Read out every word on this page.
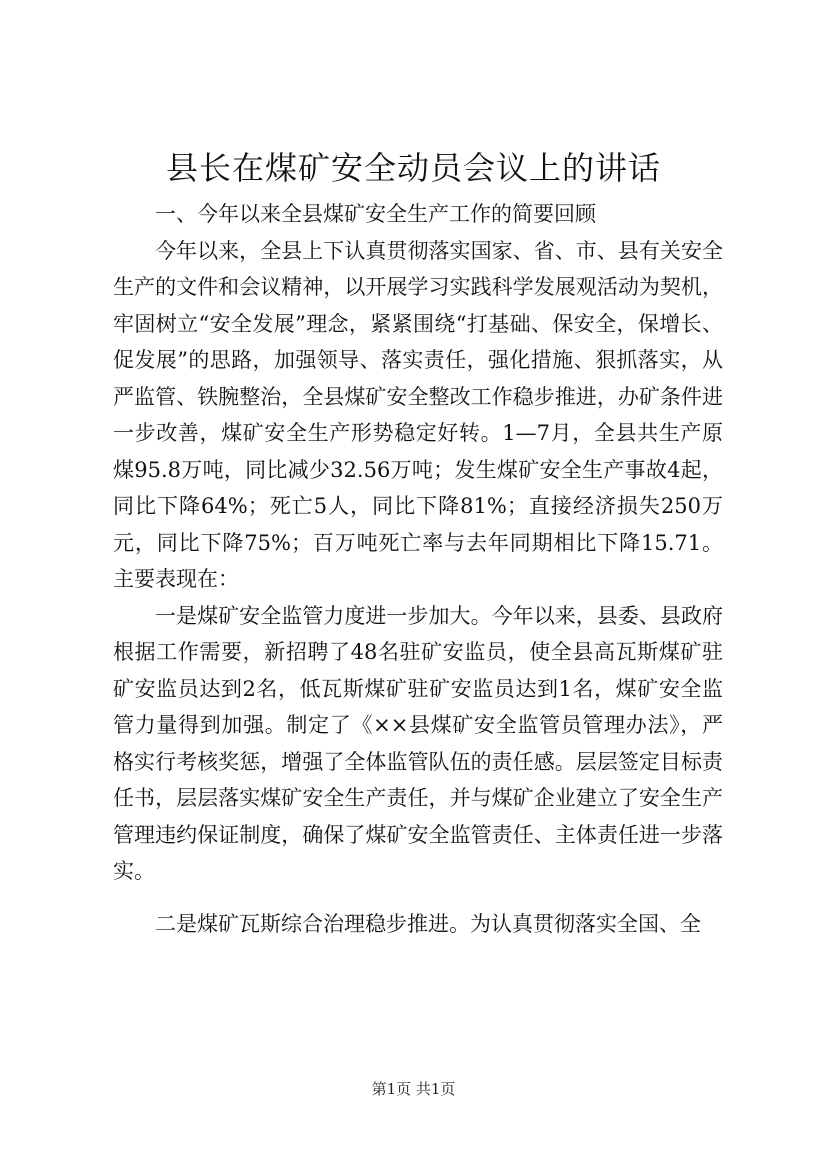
县长在煤矿安全动员会议上的讲话

一、今年以来全县煤矿安全生产工作的简要回顾

今年以来，全县上下认真贯彻落实国家、省、市、县有关安全生产的文件和会议精神，以开展学习实践科学发展观活动为契机，牢固树立“安全发展”理念，紧紧围绕“打基础、保安全，保增长、促发展”的思路，加强领导、落实责任，强化措施、狠抓落实，从严监管、铁腕整治，全县煤矿安全整改工作稳步推进，办矿条件进一步改善，煤矿安全生产形势稳定好转。1—7月，全县共生产原煤95.8万吨，同比减少32.56万吨；发生煤矿安全生产事故4起，同比下降64%；死亡5人，同比下降81%；直接经济损失250万元，同比下降75%；百万吨死亡率与去年同期相比下降15.71。主要表现在：

一是煤矿安全监管力度进一步加大。今年以来，县委、县政府根据工作需要，新招聘了48名驻矿安监员，使全县高瓦斯煤矿驻矿安监员达到2名，低瓦斯煤矿驻矿安监员达到1名，煤矿安全监管力量得到加强。制定了《××县煤矿安全监管员管理办法》，严格实行考核奖惩，增强了全体监管队伍的责任感。层层签定目标责任书，层层落实煤矿安全生产责任，并与煤矿企业建立了安全生产管理违约保证制度，确保了煤矿安全监管责任、主体责任进一步落实。

二是煤矿瓦斯综合治理稳步推进。为认真贯彻落实全国、全

第1页 共1页
